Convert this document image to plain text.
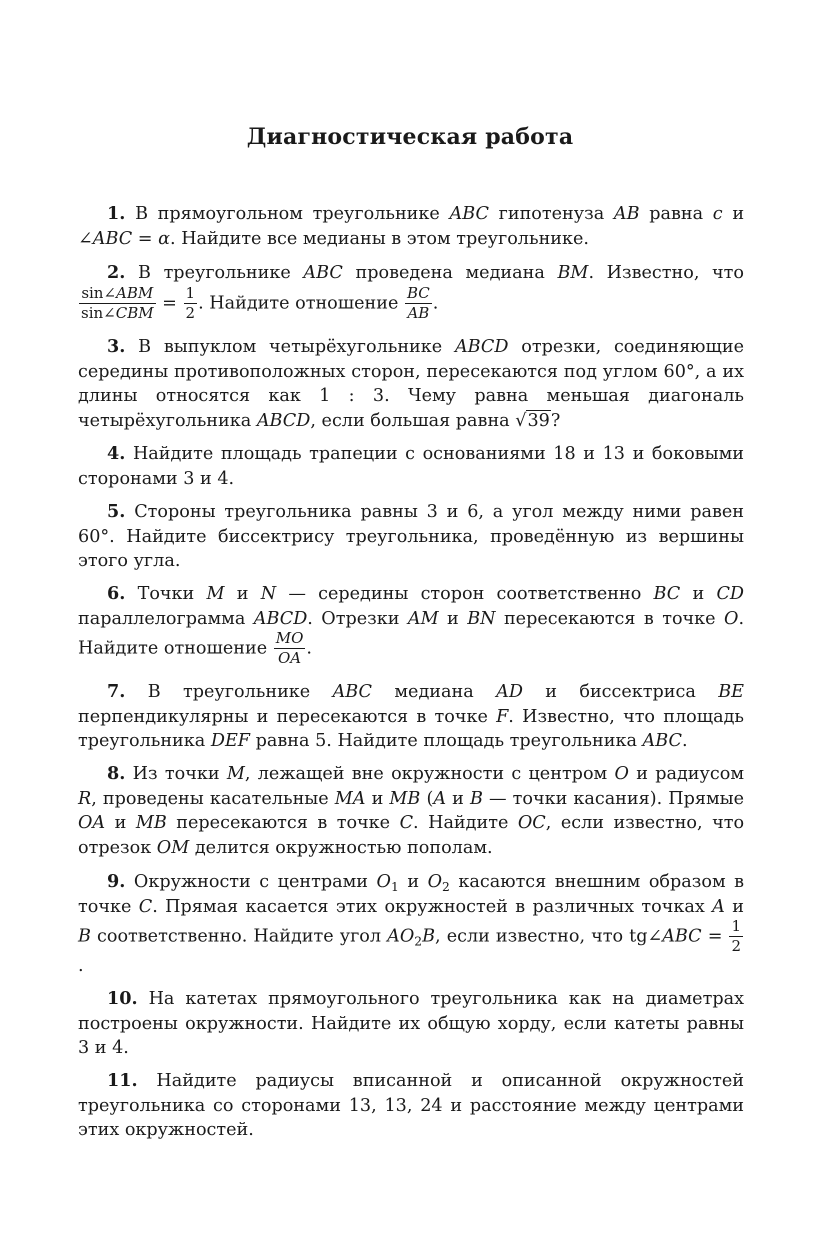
Диагностическая работа

1. В прямоугольном треугольнике ABC гипотенуза AB равна c и ∠ABC = α. Найдите все медианы в этом треугольнике.

2. В треугольнике ABC проведена медиана BM. Известно, что
$\frac{\text{sin∠ABM}}{\text{sin∠CBM}} = \frac{1}{2}$ . Найдите отношение $\frac{BC}{AB}$ .

3. В выпуклом четырёхугольнике ABCD отрезки, соединяющие середины противоположных сторон, пересекаются под углом 60°, а их длины относятся как 1 : 3. Чему равна меньшая диагональ четырёхугольника ABCD, если большая равна √39?

4. Найдите площадь трапеции с основаниями 18 и 13 и боковыми сторонами 3 и 4.

5. Стороны треугольника равны 3 и 6, а угол между ними равен 60°. Найдите биссектрису треугольника, проведённую из вершины этого угла.

6. Точки M и N — середины сторон соответственно BC и CD параллелограмма ABCD. Отрезки AM и BN пересекаются в точке O. Найдите отношение $\frac{MO}{OA}$ .

7. В треугольнике ABC медиана AD и биссектриса BE перпендикулярны и пересекаются в точке F. Известно, что площадь треугольника DEF равна 5. Найдите площадь треугольника ABC.

8. Из точки M, лежащей вне окружности с центром O и радиусом R, проведены касательные MA и MB (A и B — точки касания). Прямые OA и MB пересекаются в точке C. Найдите OC, если известно, что отрезок OM делится окружностью пополам.

9. Окружности с центрами $O_1$ и $O_2$ касаются внешним образом в точке C. Прямая касается этих окружностей в различных точках A и B соответственно. Найдите угол $AO_2B$, если известно, что tg∠ABC = $\frac{1}{2}$
.

10. На катетах прямоугольного треугольника как на диаметрах построены окружности. Найдите их общую хорду, если катеты равны 3 и 4.

11. Найдите радиусы вписанной и описанной окружностей треугольника со сторонами 13, 13, 24 и расстояние между центрами этих окружностей.
